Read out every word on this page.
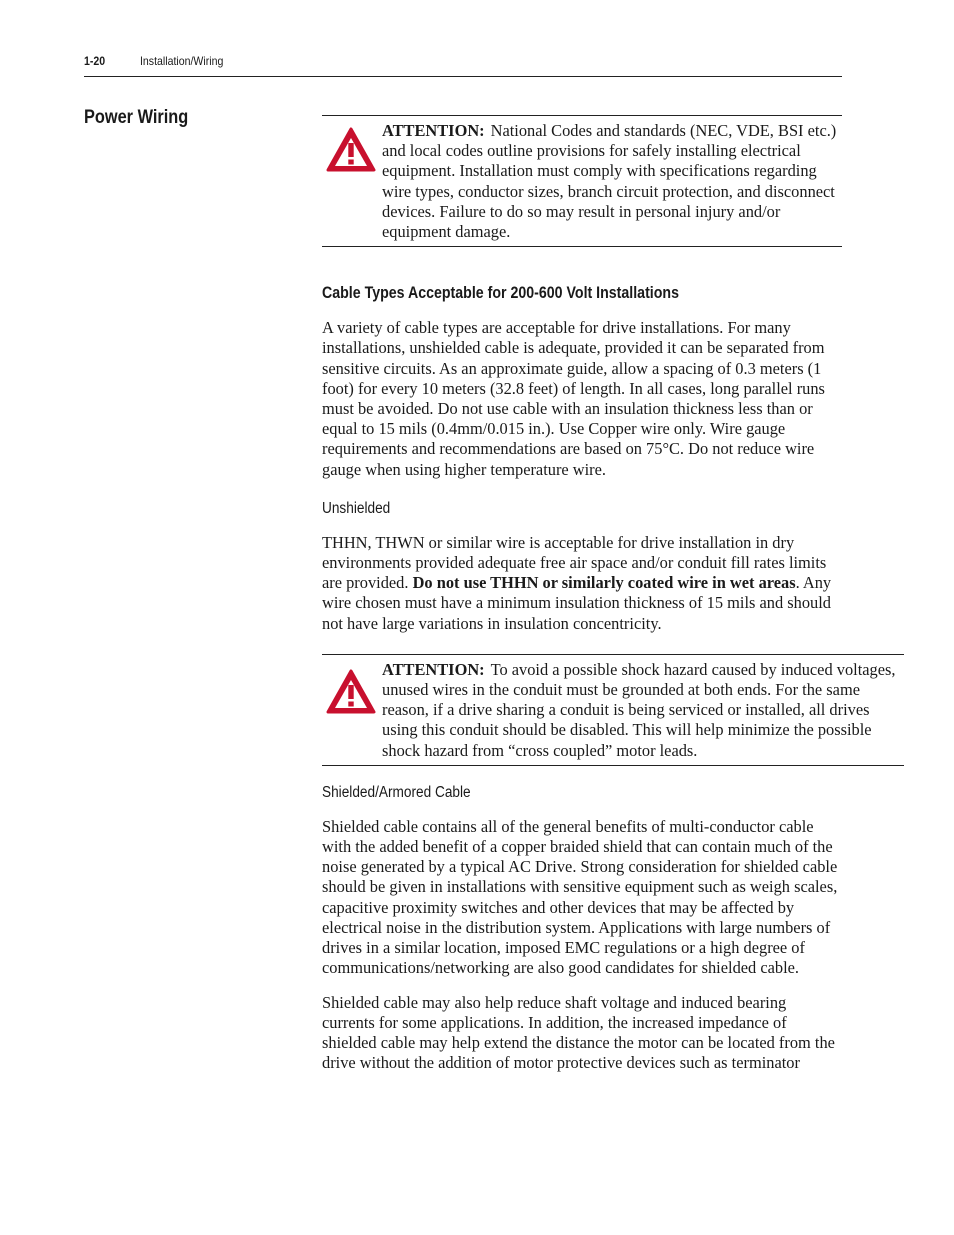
1-20	Installation/Wiring
Power Wiring

ATTENTION: National Codes and standards (NEC, VDE, BSI etc.) and local codes outline provisions for safely installing electrical equipment. Installation must comply with specifications regarding wire types, conductor sizes, branch circuit protection, and disconnect devices. Failure to do so may result in personal injury and/or equipment damage.

Cable Types Acceptable for 200-600 Volt Installations

A variety of cable types are acceptable for drive installations. For many installations, unshielded cable is adequate, provided it can be separated from sensitive circuits. As an approximate guide, allow a spacing of 0.3 meters (1 foot) for every 10 meters (32.8 feet) of length. In all cases, long parallel runs must be avoided. Do not use cable with an insulation thickness less than or equal to 15 mils (0.4mm/0.015 in.). Use Copper wire only. Wire gauge requirements and recommendations are based on 75°C. Do not reduce wire gauge when using higher temperature wire.

Unshielded

THHN, THWN or similar wire is acceptable for drive installation in dry environments provided adequate free air space and/or conduit fill rates limits are provided. Do not use THHN or similarly coated wire in wet areas. Any wire chosen must have a minimum insulation thickness of 15 mils and should not have large variations in insulation concentricity.

ATTENTION: To avoid a possible shock hazard caused by induced voltages, unused wires in the conduit must be grounded at both ends. For the same reason, if a drive sharing a conduit is being serviced or installed, all drives using this conduit should be disabled. This will help minimize the possible shock hazard from “cross coupled” motor leads.

Shielded/Armored Cable

Shielded cable contains all of the general benefits of multi-conductor cable with the added benefit of a copper braided shield that can contain much of the noise generated by a typical AC Drive. Strong consideration for shielded cable should be given in installations with sensitive equipment such as weigh scales, capacitive proximity switches and other devices that may be affected by electrical noise in the distribution system. Applications with large numbers of drives in a similar location, imposed EMC regulations or a high degree of communications/networking are also good candidates for shielded cable.

Shielded cable may also help reduce shaft voltage and induced bearing currents for some applications. In addition, the increased impedance of shielded cable may help extend the distance the motor can be located from the drive without the addition of motor protective devices such as terminator
